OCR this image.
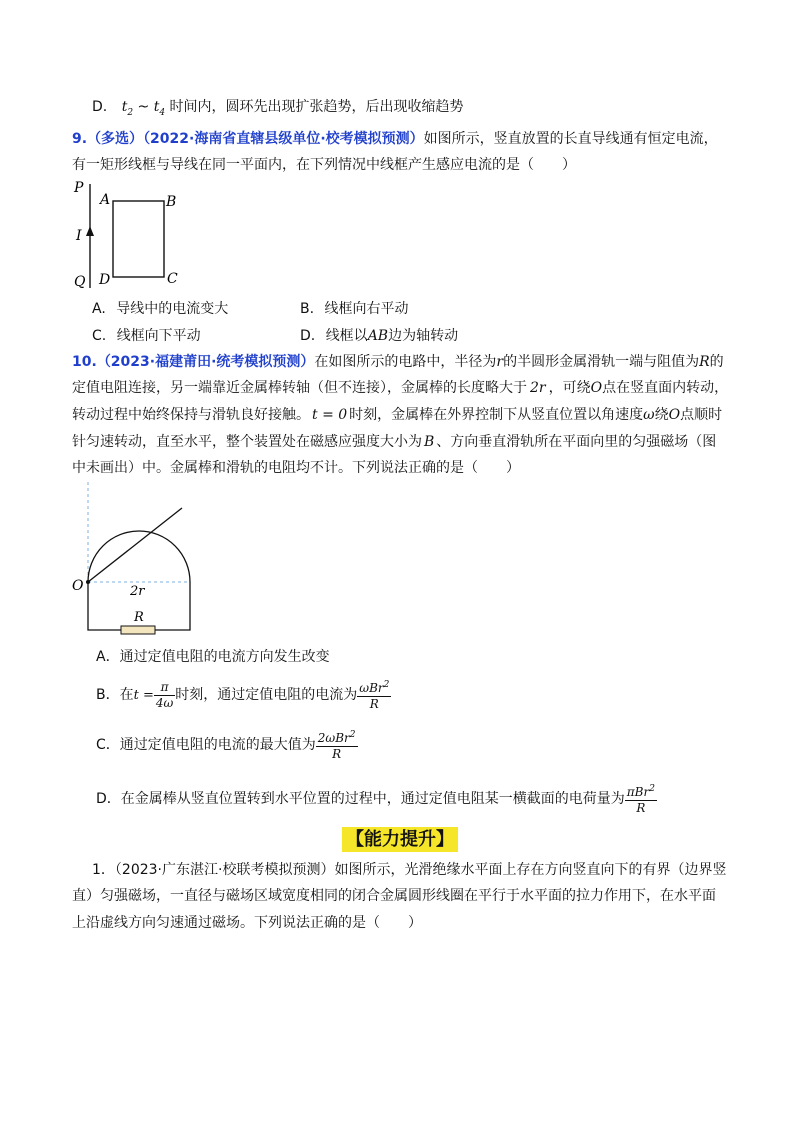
D. $t_2$ ~ $t_4$ 时间内，圆环先出现扩张趋势，后出现收缩趋势
9.（多选）（2022·海南省直辖县级单位·校考模拟预测）如图所示，竖直放置的长直导线通有恒定电流，
有一矩形线框与导线在同一平面内，在下列情况中线框产生感应电流的是（　　）
P
Q
I
A	B
C
D
A. 导线中的电流变大	B. 线框向右平动
C. 线框向下平动	D. 线框以AB边为轴转动
10.（2023·福建莆田·统考模拟预测）在如图所示的电路中，半径为r的半圆形金属滑轨一端与阻值为R的
定值电阻连接，另一端靠近金属棒转轴（但不连接），金属棒的长度略大于 2r ，可绕O点在竖直面内转动，
转动过程中始终保持与滑轨良好接触。 t = 0 时刻，金属棒在外界控制下从竖直位置以角速度ω绕O点顺时
针匀速转动，直至水平，整个装置处在磁感应强度大小为 B 、方向垂直滑轨所在平面向里的匀强磁场（图
中未画出）中。金属棒和滑轨的电阻均不计。下列说法正确的是（　　）
O	2r
R
A．通过定值电阻的电流方向发生改变
B．在$t = \frac{\pi}{4\omega}$ 时刻，通过定值电阻的电流为 $\frac{\omega Br^2}{R}$
C．通过定值电阻的电流的最大值为 $\frac{2\omega Br^2}{R}$
D．在金属棒从竖直位置转到水平位置的过程中，通过定值电阻某一横截面的电荷量为 $\frac{\pi Br^2}{R}$
【能力提升】
1．（2023·广东湛江·校联考模拟预测）如图所示，光滑绝缘水平面上存在方向竖直向下的有界（边界竖
直）匀强磁场，一直径与磁场区域宽度相同的闭合金属圆形线圈在平行于水平面的拉力作用下，在水平面
上沿虚线方向匀速通过磁场。下列说法正确的是（　　）
